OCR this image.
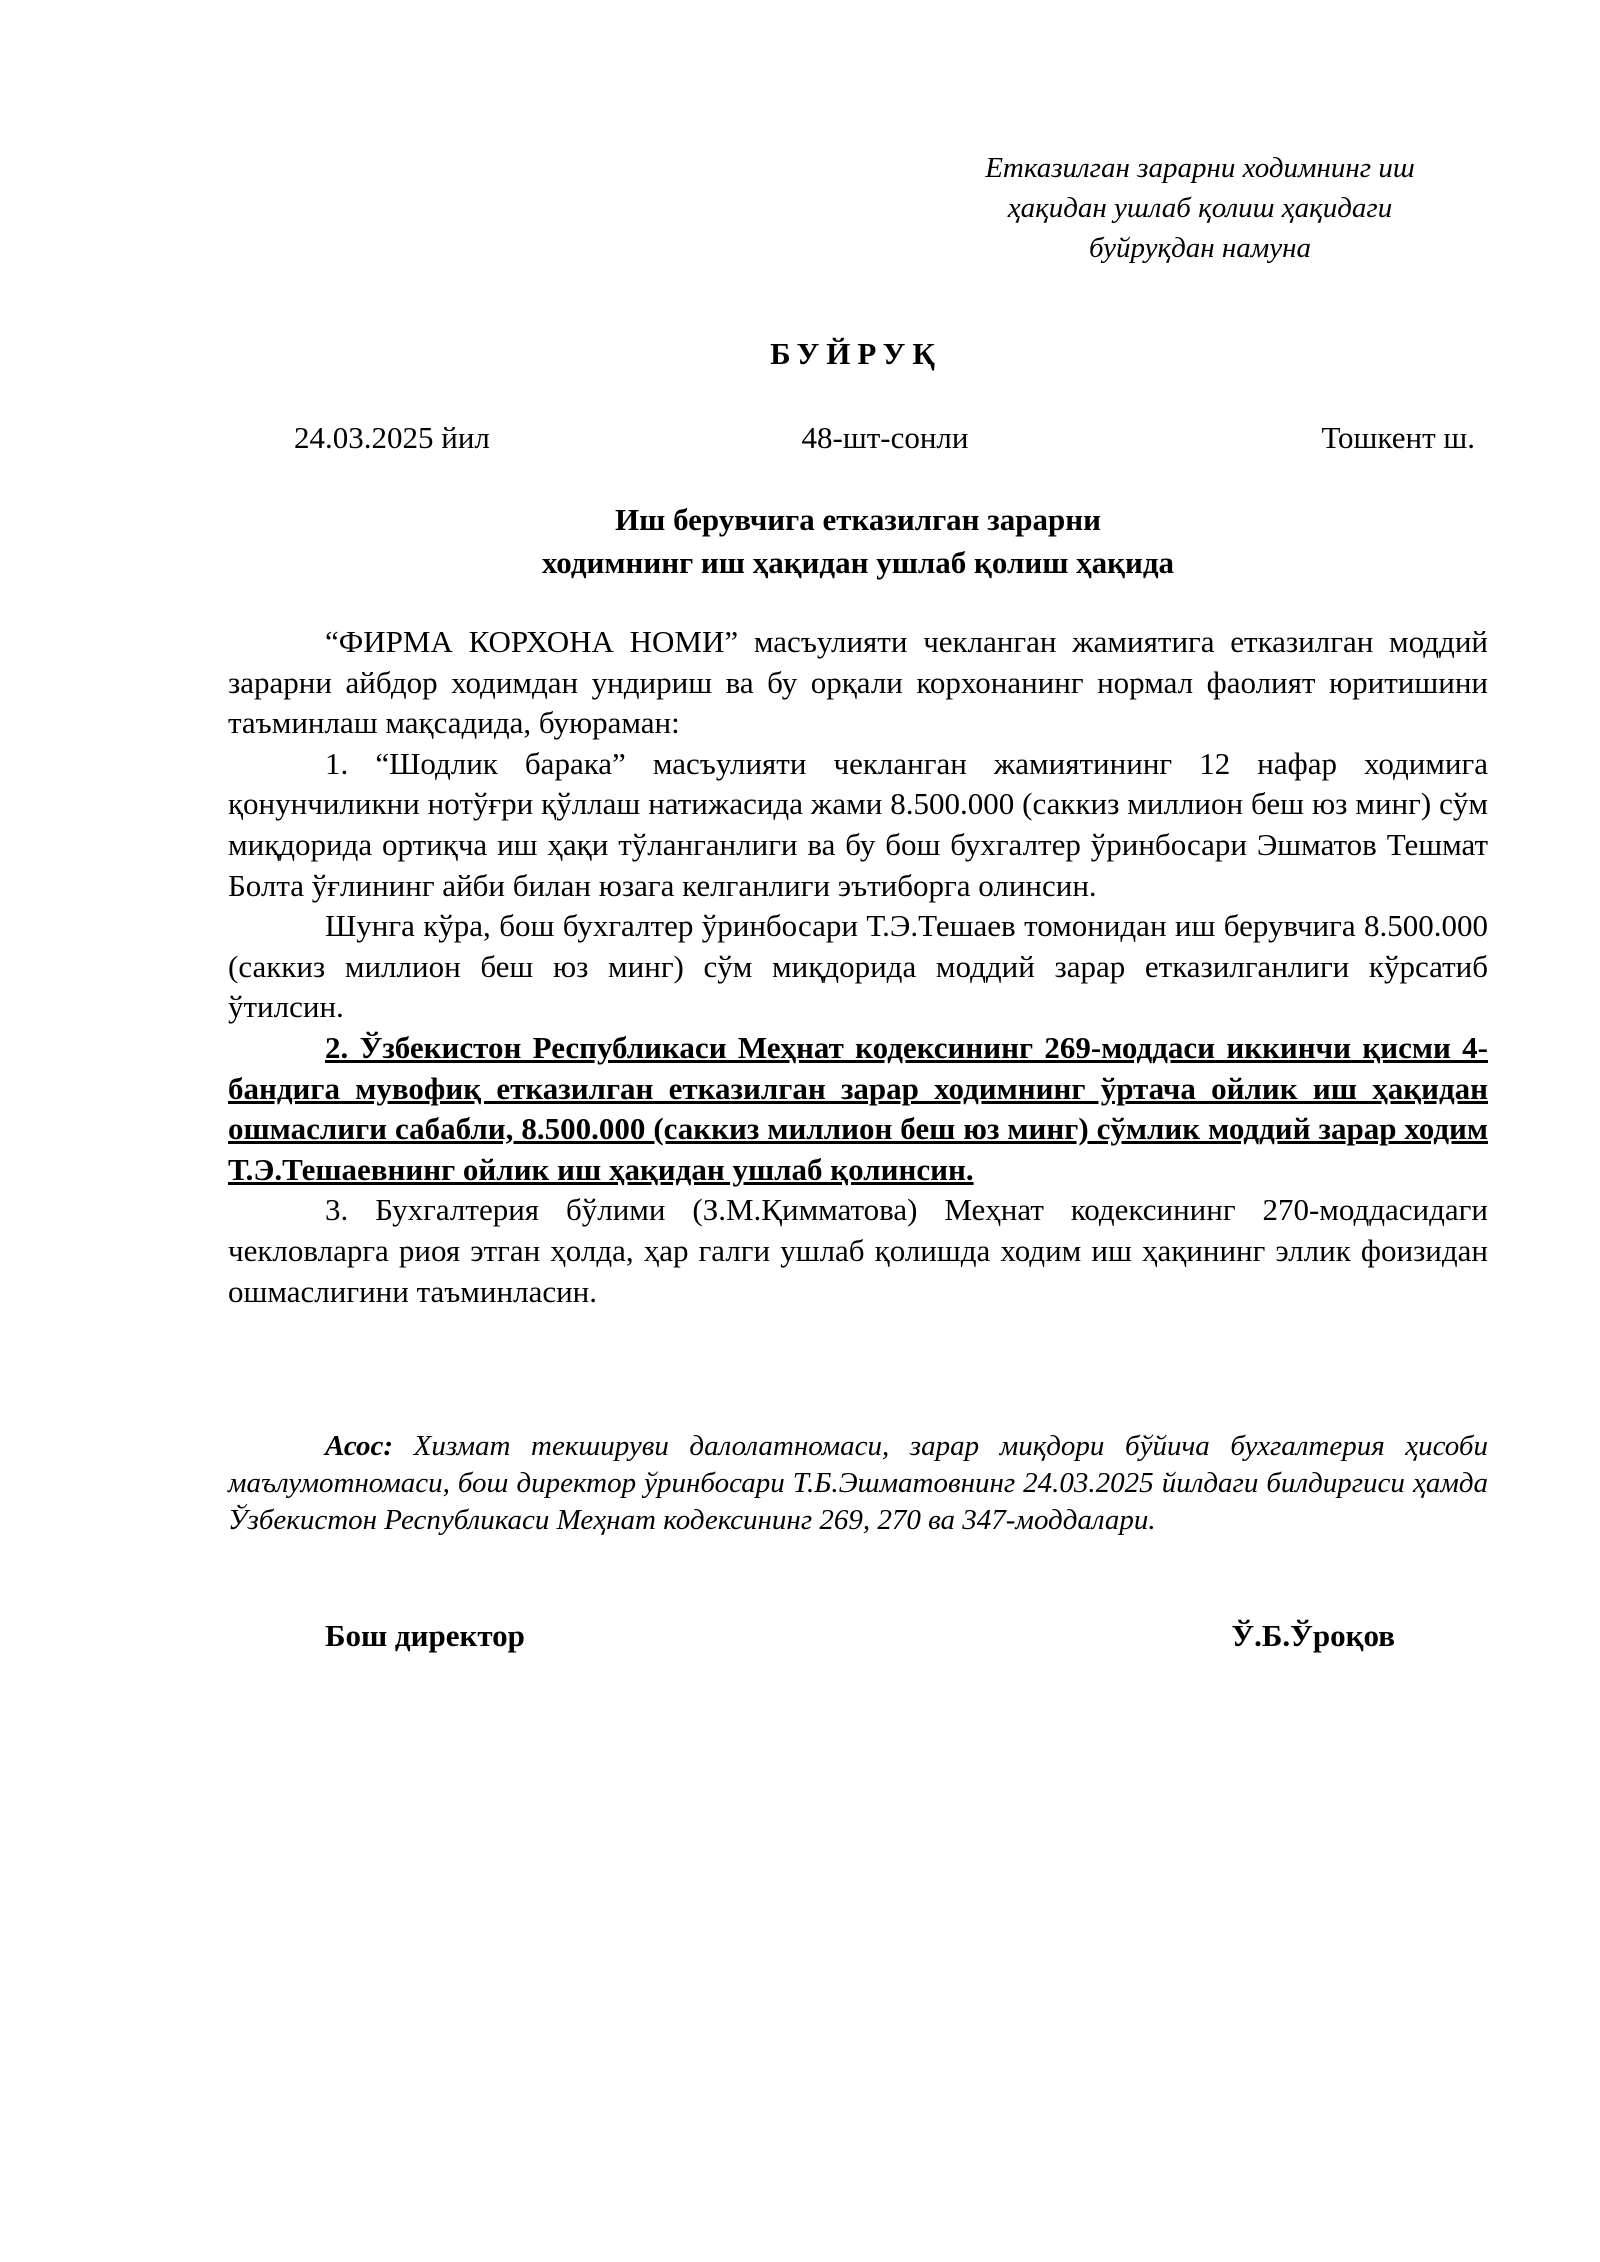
Етказилган зарарни ходимнинг иш
ҳақидан ушлаб қолиш ҳақидаги
буйруқдан намуна
БУЙРУҚ
24.03.2025 йил	48-шт-сонли	Тошкент ш.
Иш берувчига етказилган зарарни
ходимнинг иш ҳақидан ушлаб қолиш ҳақида

“ФИРМА КОРХОНА НОМИ” масъулияти чекланган жамиятига етказилган моддий зарарни айбдор ходимдан ундириш ва бу орқали корхонанинг нормал фаолият юритишини таъминлаш мақсадида, буюраман:

1. “Шодлик барака” масъулияти чекланган жамиятининг 12 нафар ходимига қонунчиликни нотўғри қўллаш натижасида жами 8.500.000 (саккиз миллион беш юз минг) сўм миқдорида ортиқча иш ҳақи тўланганлиги ва бу бош бухгалтер ўринбосари Эшматов Тешмат Болта ўғлининг айби билан юзага келганлиги эътиборга олинсин.

Шунга кўра, бош бухгалтер ўринбосари Т.Э.Тешаев томонидан иш берувчига 8.500.000 (саккиз миллион беш юз минг) сўм миқдорида моддий зарар етказилганлиги кўрсатиб ўтилсин.

2. Ўзбекистон Республикаси Меҳнат кодексининг 269-моддаси иккинчи қисми 4-бандига мувофиқ етказилган етказилган зарар ходимнинг ўртача ойлик иш ҳақидан ошмаслиги сабабли, 8.500.000 (саккиз миллион беш юз минг) сўмлик моддий зарар ходим Т.Э.Тешаевнинг ойлик иш ҳақидан ушлаб қолинсин.

3. Бухгалтерия бўлими (З.М.Қимматова) Меҳнат кодексининг 270-моддасидаги чекловларга риоя этган ҳолда, ҳар галги ушлаб қолишда ходим иш ҳақининг эллик фоизидан ошмаслигини таъминласин.

Асос: Хизмат текшируви далолатномаси, зарар миқдори бўйича бухгалтерия ҳисоби маълумотномаси, бош директор ўринбосари Т.Б.Эшматовнинг 24.03.2025 йилдаги билдиргиси ҳамда Ўзбекистон Республикаси Меҳнат кодексининг 269, 270 ва 347-моддалари.
Бош директор	Ў.Б.Ўроқов
